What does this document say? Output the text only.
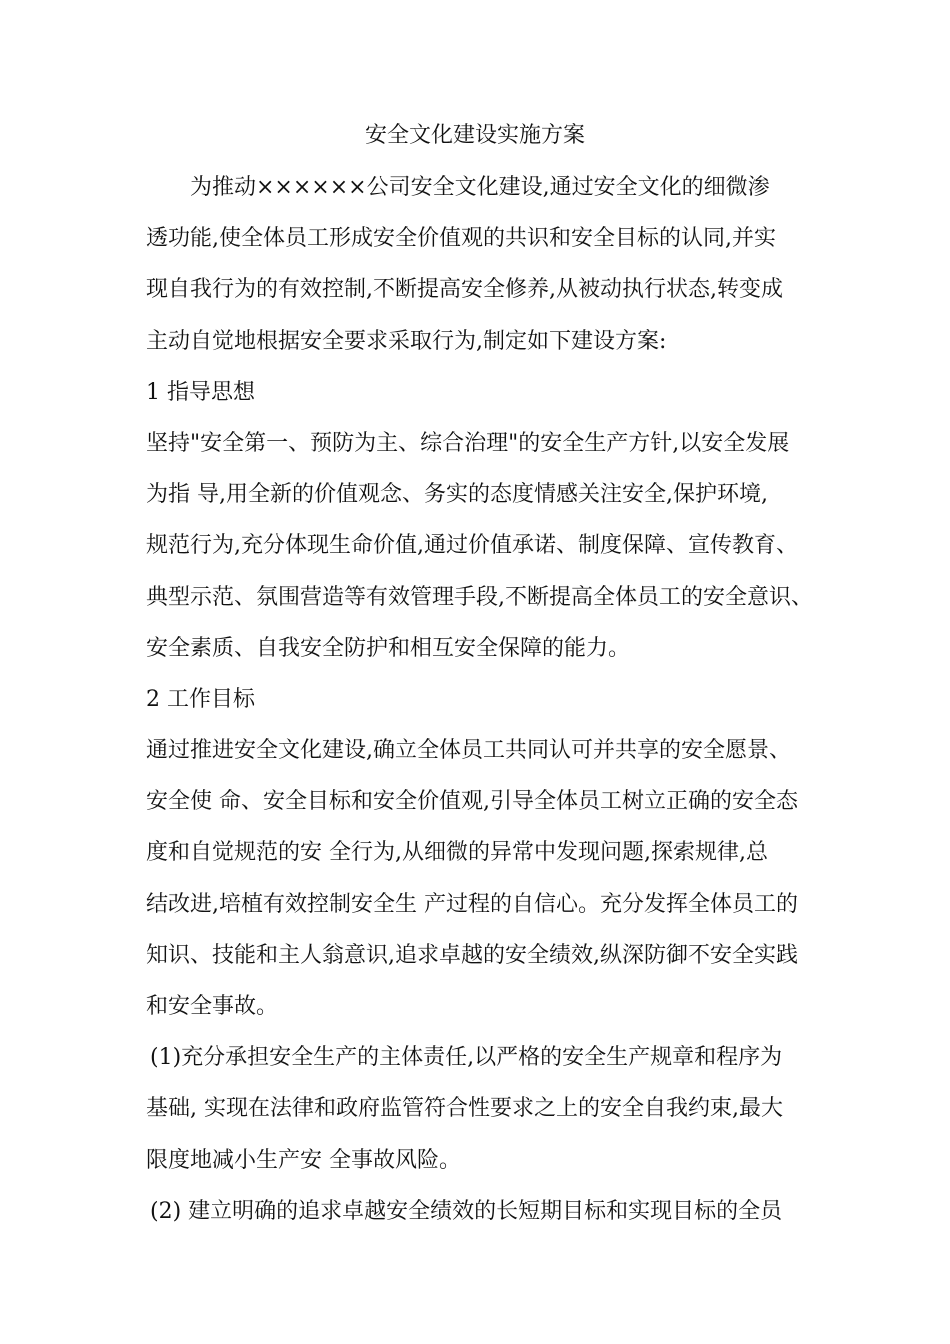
安全文化建设实施方案
为推动××××××公司安全文化建设,通过安全文化的细微渗
透功能,使全体员工形成安全价值观的共识和安全目标的认同,并实
现自我行为的有效控制,不断提高安全修养,从被动执行状态,转变成
主动自觉地根据安全要求采取行为,制定如下建设方案:
1 指导思想
坚持"安全第一、预防为主、综合治理"的安全生产方针,以安全发展
为指 导,用全新的价值观念、务实的态度情感关注安全,保护环境,
规范行为,充分体现生命价值,通过价值承诺、制度保障、宣传教育、
典型示范、氛围营造等有效管理手段,不断提高全体员工的安全意识、
安全素质、自我安全防护和相互安全保障的能力。
2 工作目标
通过推进安全文化建设,确立全体员工共同认可并共享的安全愿景、
安全使 命、安全目标和安全价值观,引导全体员工树立正确的安全态
度和自觉规范的安 全行为,从细微的异常中发现问题,探索规律,总
结改进,培植有效控制安全生 产过程的自信心。充分发挥全体员工的
知识、技能和主人翁意识,追求卓越的安全绩效,纵深防御不安全实践
和安全事故。
(1)充分承担安全生产的主体责任,以严格的安全生产规章和程序为
基础, 实现在法律和政府监管符合性要求之上的安全自我约束,最大
限度地减小生产安 全事故风险。
(2) 建立明确的追求卓越安全绩效的长短期目标和实现目标的全员
